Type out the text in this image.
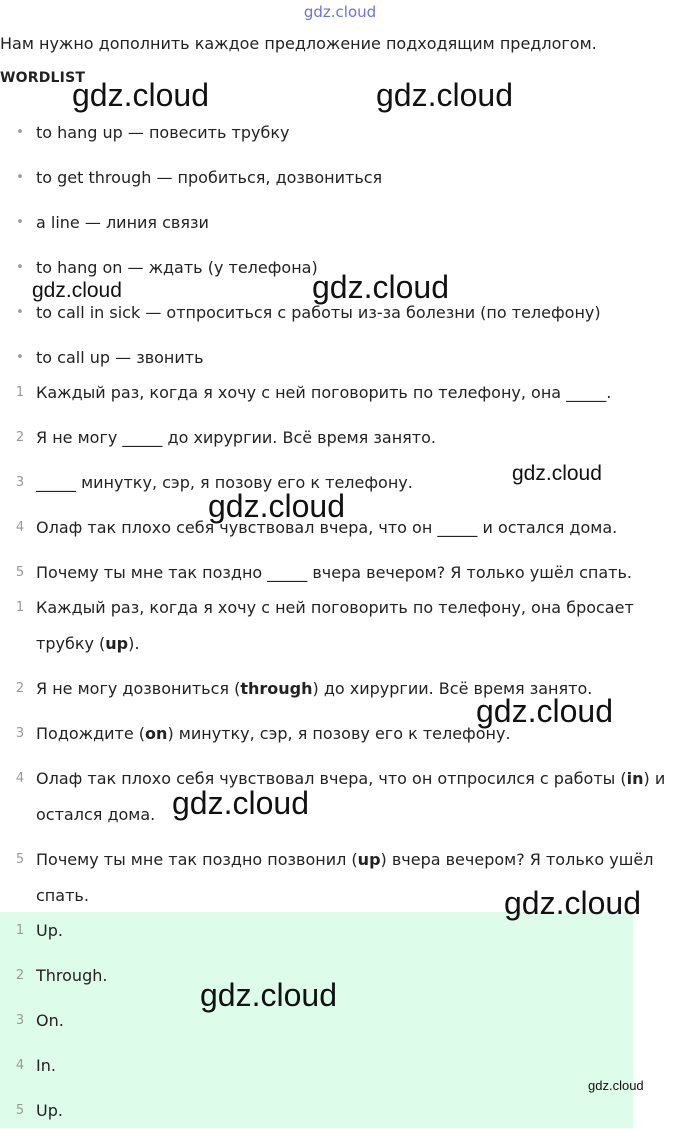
gdz.cloud
Нам нужно дополнить каждое предложение подходящим предлогом.
WORDLIST
• to hang up — повесить трубку
• to get through — пробиться, дозвониться
• a line — линия связи
• to hang on — ждать (у телефона)
• to call in sick — отпроситься с работы из-за болезни (по телефону)
• to call up — звонить
1 Каждый раз, когда я хочу с ней поговорить по телефону, она _____.
2 Я не могу _____ до хирургии. Всё время занято.
3 _____ минутку, сэр, я позову его к телефону.
4 Олаф так плохо себя чувствовал вчера, что он _____ и остался дома.
5 Почему ты мне так поздно _____ вчера вечером? Я только ушёл спать.
1 Каждый раз, когда я хочу с ней поговорить по телефону, она бросает трубку (up).
2 Я не могу дозвониться (through) до хирургии. Всё время занято.
3 Подождите (on) минутку, сэр, я позову его к телефону.
4 Олаф так плохо себя чувствовал вчера, что он отпросился с работы (in) и остался дома.
5 Почему ты мне так поздно позвонил (up) вчера вечером? Я только ушёл спать.
1 Up.
2 Through.
3 On.
4 In.
5 Up.
gdz.cloud	gdz.cloud
gdz.cloud	gdz.cloud
gdz.cloud
gdz.cloud
gdz.cloud
gdz.cloud
gdz.cloud
gdz.cloud
gdz.cloud
